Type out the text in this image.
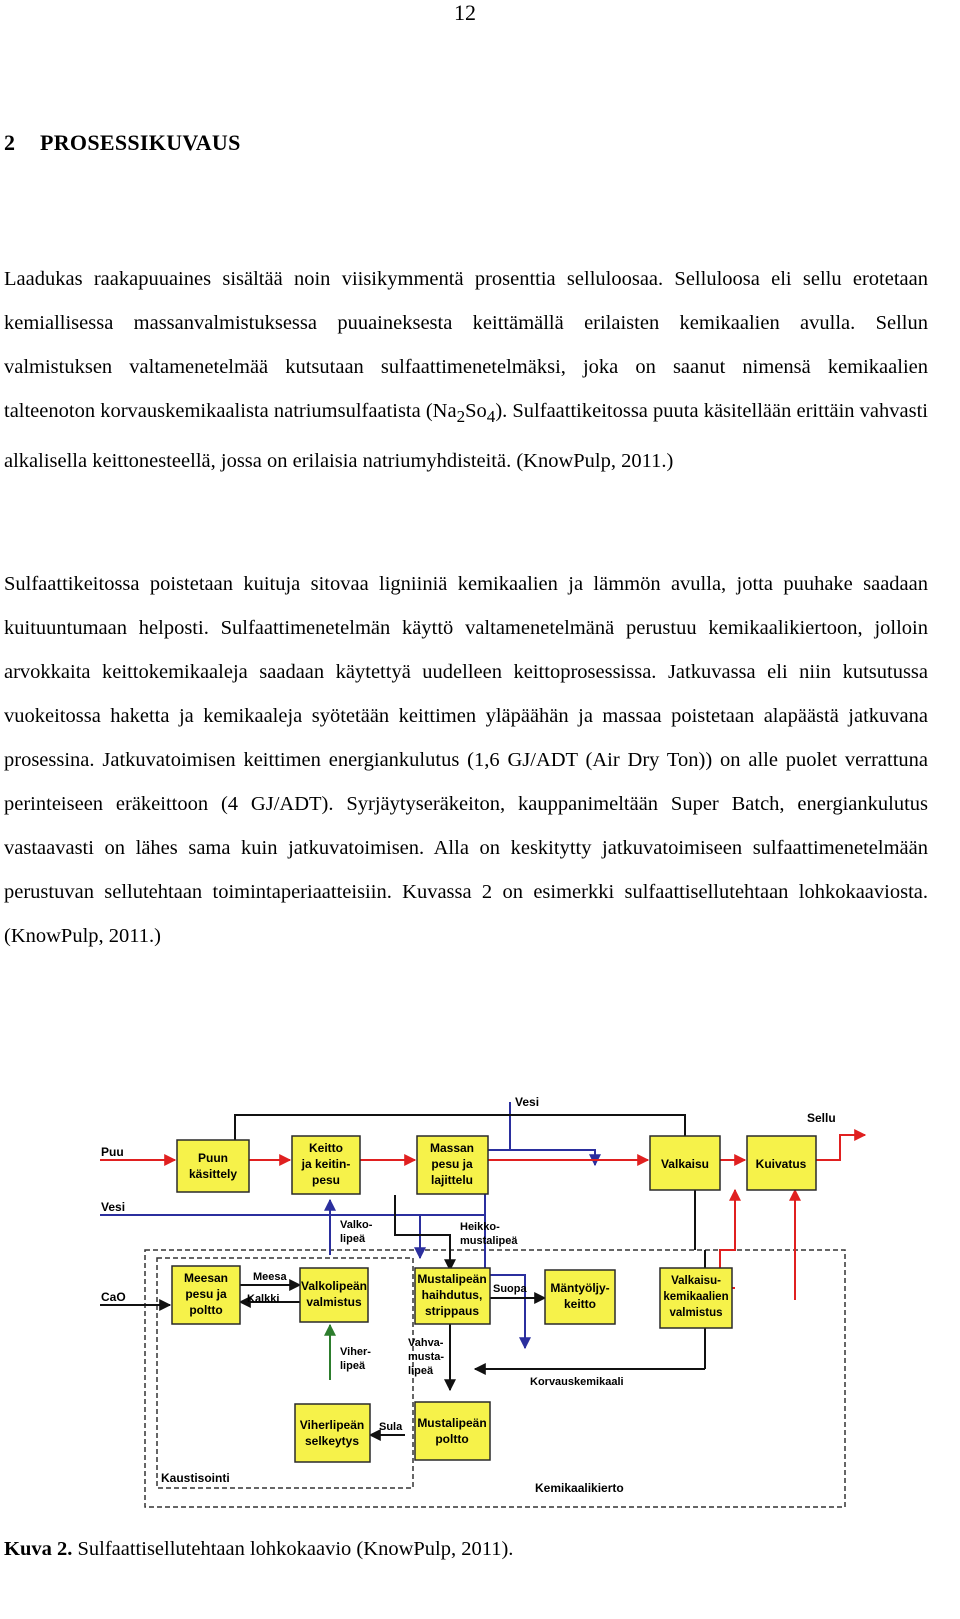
12
2 PROSESSIKUVAUS

Laadukas raakapuuaines sisältää noin viisikymmentä prosenttia selluloosaa. Selluloosa eli sellu erotetaan kemiallisessa massanvalmistuksessa puuaineksesta keittämällä erilaisten kemikaalien avulla. Sellun valmistuksen valtamenetelmää kutsutaan sulfaattimenetelmäksi, joka on saanut nimensä kemikaalien talteenoton korvauskemikaalista natriumsulfaatista $(Na_2So_4)$. Sulfaattikeitossa puuta käsitellään erittäin vahvasti alkalisella keittonesteellä, jossa on erilaisia natriumyhdisteitä. (KnowPulp, 2011.)

Sulfaattikeitossa poistetaan kuituja sitovaa ligniiniä kemikaalien ja lämmön avulla, jotta puuhake saadaan kuituuntumaan helposti. Sulfaattimenetelmän käyttö valtamenetelmänä perustuu kemikaalikiertoon, jolloin arvokkaita keittokemikaaleja saadaan käytettyä uudelleen keittoprosessissa. Jatkuvassa eli niin kutsutussa vuokeitossa haketta ja kemikaaleja syötetään keittimen yläpäähän ja massaa poistetaan alapäästä jatkuvana prosessina. Jatkuvatoimisen keittimen energiankulutus (1,6 GJ/ADT (Air Dry Ton)) on alle puolet verrattuna perinteiseen eräkeittoon (4 GJ/ADT). Syrjäytyseräkeiton, kauppanimeltään Super Batch, energiankulutus vastaavasti on lähes sama kuin jatkuvatoimisen. Alla on keskitytty jatkuvatoimiseen sulfaattimenetelmään perustuvan sellutehtaan toimintaperiaatteisiin. Kuvassa 2 on esimerkki sulfaattisellutehtaan lohkokaaviosta. (KnowPulp, 2011.)

Puun
käsittely
Keitto
ja keitin-
pesu
Massan
pesu ja
lajittelu
Valkaisu	Kuivatus
Meesan
pesu ja
poltto
Valkolipeän
valmistus
Mustalipeän
haihdutus,
strippaus
Mäntyöljy-
keitto
Valkaisu-
kemikaalien
valmistus
Viherlipeän
selkeytys
Mustalipeän
poltto
Puu
Vesi
CaO
Vesi
Sellu
Valko-
lipeä
Heikko-
mustalipeä
Meesa
Kalkki
Suopa
Vahva-
musta-
lipeä
Viher-
lipeä
Korvauskemikaali
Sula
Kaustisointi
Kemikaalikierto
Kuva 2. Sulfaattisellutehtaan lohkokaavio (KnowPulp, 2011).
